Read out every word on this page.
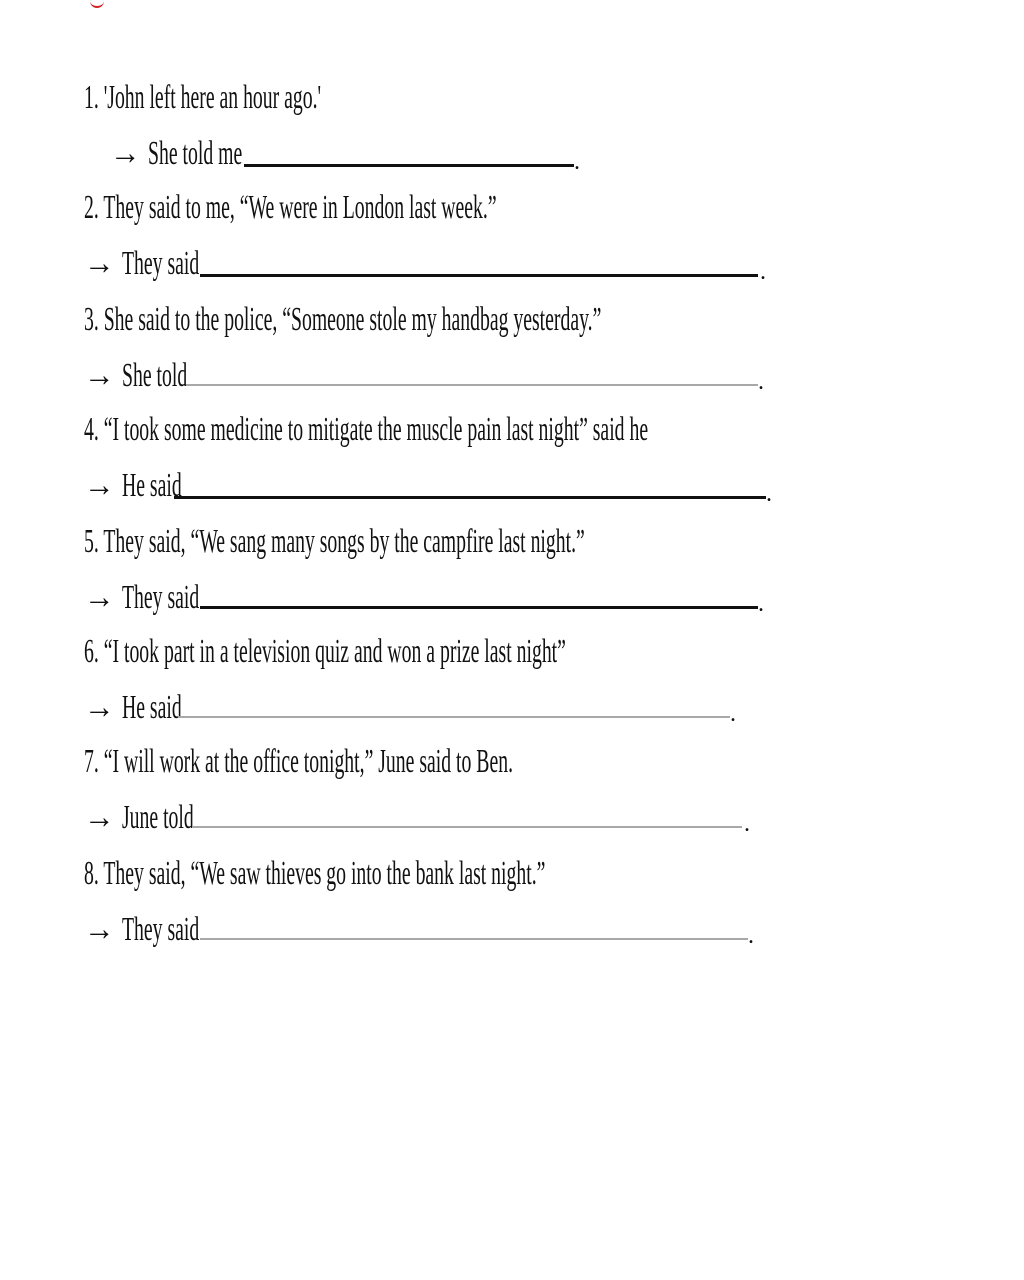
1. 'John left here an hour ago.'
→ She told me	.
2. They said to me, “We were in London last week.”
→ They said	.
3. She said to the police, “Someone stole my handbag yesterday.”
→ She told	.
4. “I took some medicine to mitigate the muscle pain last night” said he
→ He said	.
5. They said, “We sang many songs by the campfire last night.”
→ They said	.
6. “I took part in a television quiz and won a prize last night”
→ He said	.
7. “I will work at the office tonight,” June said to Ben.
→ June told	.
8. They said, “We saw thieves go into the bank last night.”
→ They said	.
